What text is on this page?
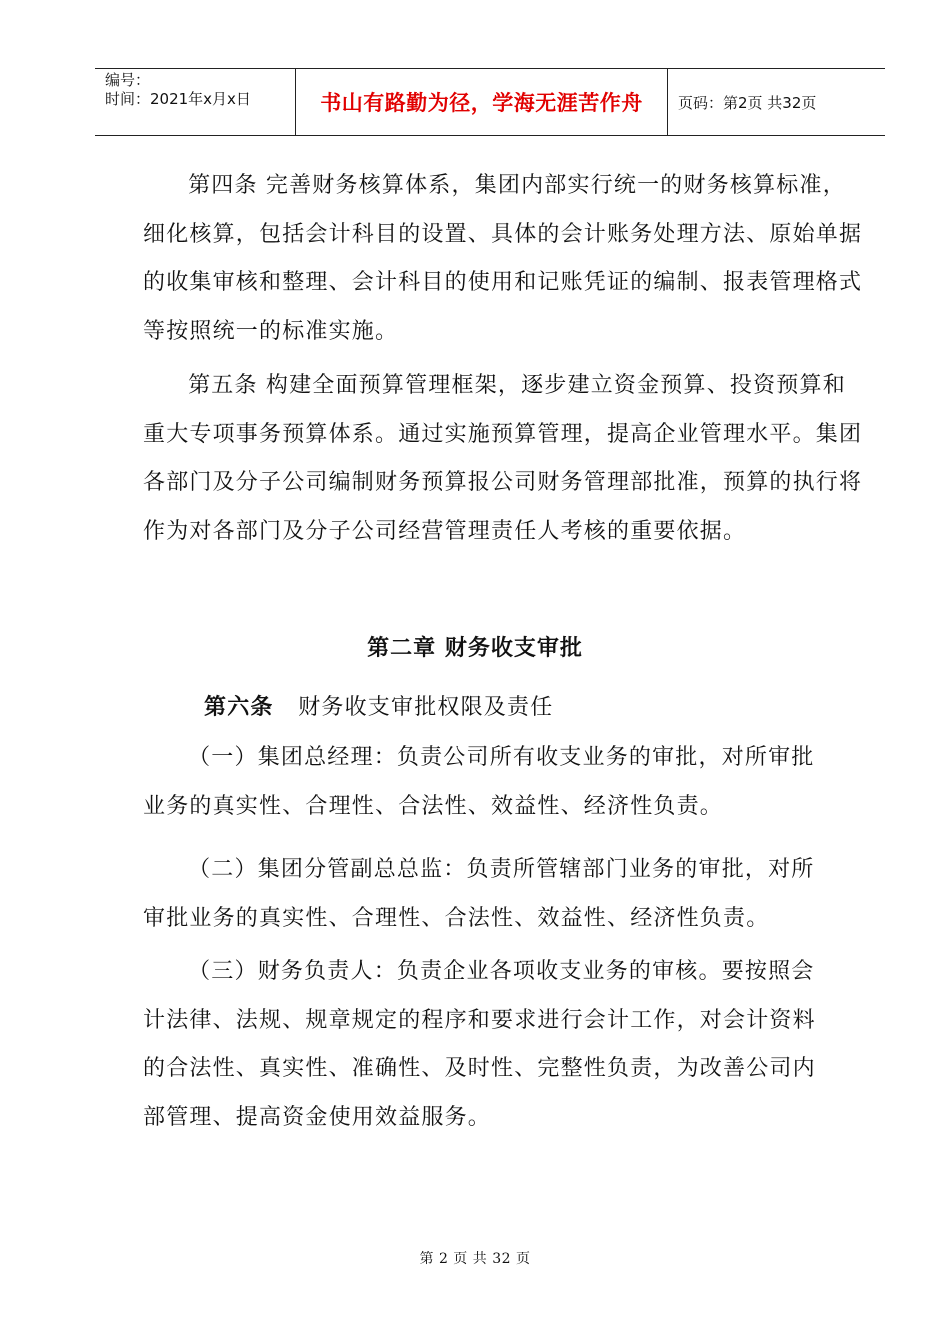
编号：
时间：2021年x月x日	书山有路勤为径，学海无涯苦作舟	页码：第2页 共32页

第四条 完善财务核算体系，集团内部实行统一的财务核算标准，细化核算，包括会计科目的设置、具体的会计账务处理方法、原始单据的收集审核和整理、会计科目的使用和记账凭证的编制、报表管理格式等按照统一的标准实施。

第五条 构建全面预算管理框架，逐步建立资金预算、投资预算和重大专项事务预算体系。通过实施预算管理，提高企业管理水平。集团各部门及分子公司编制财务预算报公司财务管理部批准，预算的执行将作为对各部门及分子公司经营管理责任人考核的重要依据。

第二章 财务收支审批

第六条 财务收支审批权限及责任

（一）集团总经理：负责公司所有收支业务的审批，对所审批业务的真实性、合理性、合法性、效益性、经济性负责。

（二）集团分管副总总监：负责所管辖部门业务的审批，对所审批业务的真实性、合理性、合法性、效益性、经济性负责。

（三）财务负责人：负责企业各项收支业务的审核。要按照会计法律、法规、规章规定的程序和要求进行会计工作，对会计资料的合法性、真实性、准确性、及时性、完整性负责，为改善公司内部管理、提高资金使用效益服务。

第 2 页 共 32 页
